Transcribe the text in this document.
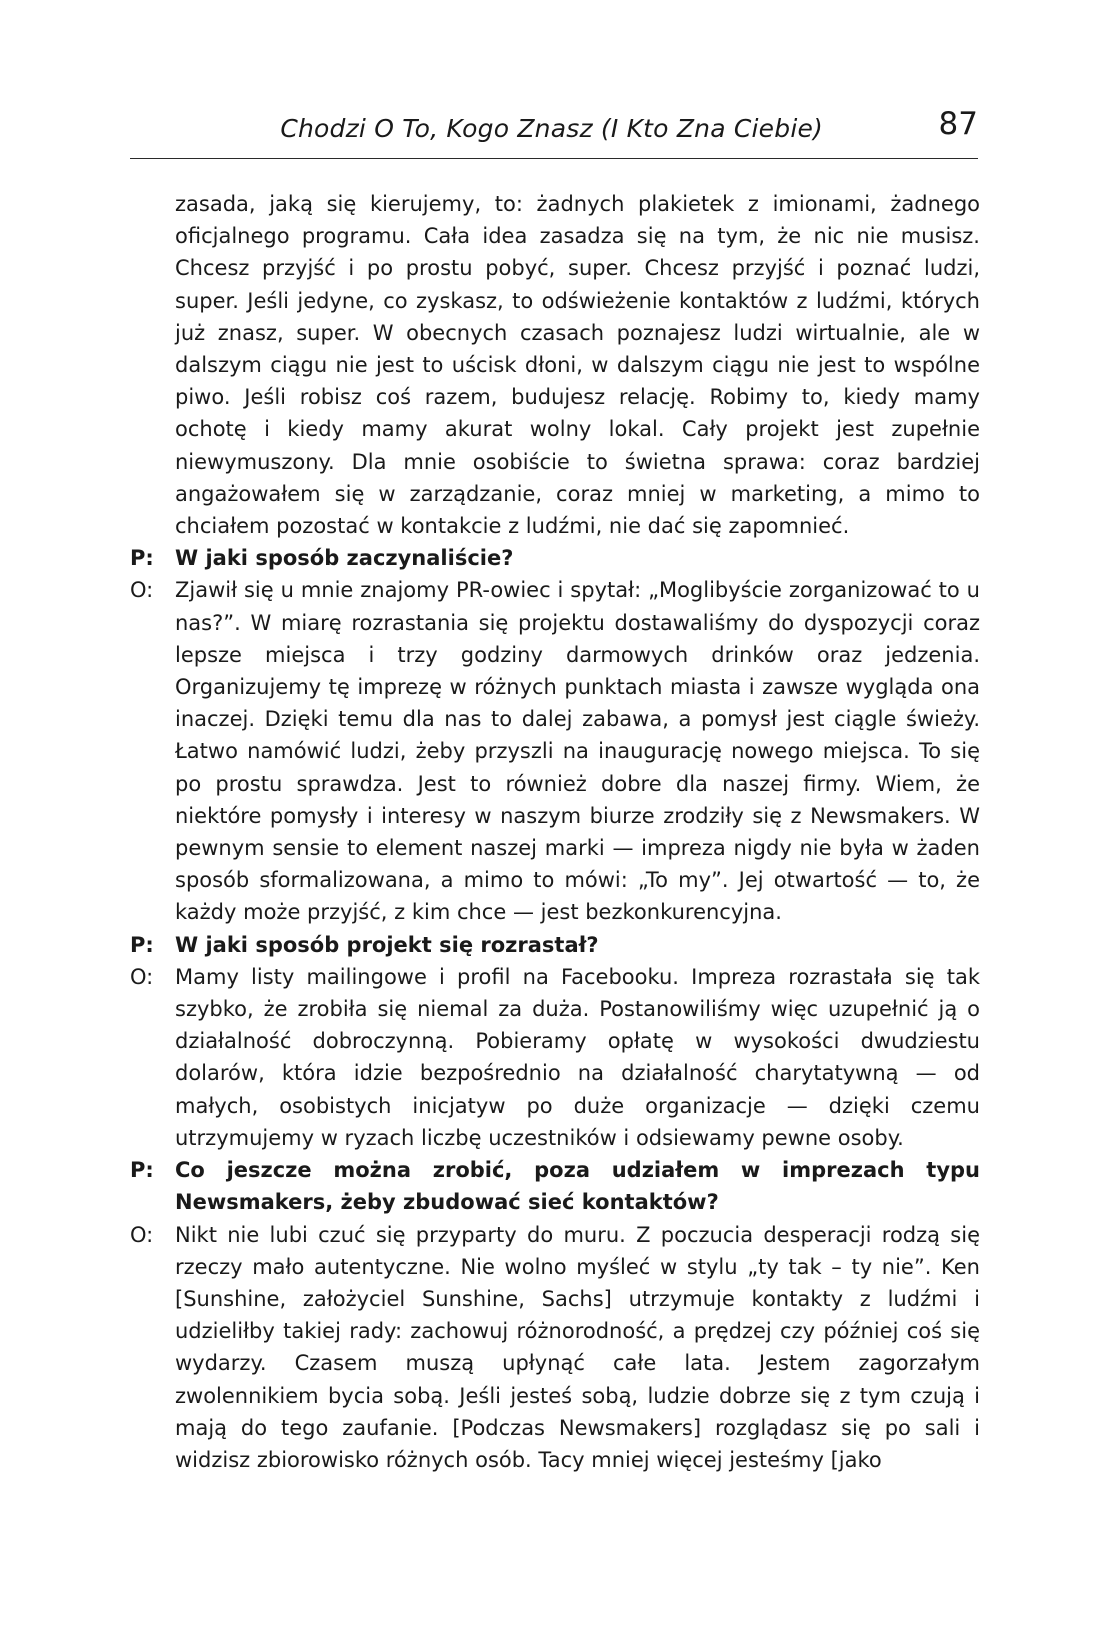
Chodzi O To, Kogo Znasz (I Kto Zna Ciebie)	87
zasada, jaką się kierujemy, to: żadnych plakietek z imionami, żadnego oficjalnego programu. Cała idea zasadza się na tym, że nic nie musisz. Chcesz przyjść i po prostu pobyć, super. Chcesz przyjść i poznać ludzi, super. Jeśli jedyne, co zyskasz, to odświeżenie kontaktów z ludźmi, których już znasz, super. W obecnych czasach poznajesz ludzi wirtualnie, ale w dalszym ciągu nie jest to uścisk dłoni, w dalszym ciągu nie jest to wspólne piwo. Jeśli robisz coś razem, budujesz relację. Robimy to, kiedy mamy ochotę i kiedy mamy akurat wolny lokal. Cały projekt jest zupełnie niewymuszony. Dla mnie osobiście to świetna sprawa: coraz bardziej angażowałem się w zarządzanie, coraz mniej w marketing, a mimo to chciałem pozostać w kontakcie z ludźmi, nie dać się zapomnieć.
P:	W jaki sposób zaczynaliście?
O:	Zjawił się u mnie znajomy PR-owiec i spytał: „Moglibyście zorganizować to u nas?”. W miarę rozrastania się projektu dostawaliśmy do dyspozycji coraz lepsze miejsca i trzy godziny darmowych drinków oraz jedzenia. Organizujemy tę imprezę w różnych punktach miasta i zawsze wygląda ona inaczej. Dzięki temu dla nas to dalej zabawa, a pomysł jest ciągle świeży. Łatwo namówić ludzi, żeby przyszli na inaugurację nowego miejsca. To się po prostu sprawdza. Jest to również dobre dla naszej firmy. Wiem, że niektóre pomysły i interesy w naszym biurze zrodziły się z Newsmakers. W pewnym sensie to element naszej marki — impreza nigdy nie była w żaden sposób sformalizowana, a mimo to mówi: „To my”. Jej otwartość — to, że każdy może przyjść, z kim chce — jest bezkonkurencyjna.
P:	W jaki sposób projekt się rozrastał?
O:	Mamy listy mailingowe i profil na Facebooku. Impreza rozrastała się tak szybko, że zrobiła się niemal za duża. Postanowiliśmy więc uzupełnić ją o działalność dobroczynną. Pobieramy opłatę w wysokości dwudziestu dolarów, która idzie bezpośrednio na działalność charytatywną — od małych, osobistych inicjatyw po duże organizacje — dzięki czemu utrzymujemy w ryzach liczbę uczestników i odsiewamy pewne osoby.
P:	Co jeszcze można zrobić, poza udziałem w imprezach typu Newsmakers, żeby zbudować sieć kontaktów?
O:	Nikt nie lubi czuć się przyparty do muru. Z poczucia desperacji rodzą się rzeczy mało autentyczne. Nie wolno myśleć w stylu „ty tak – ty nie”. Ken [Sunshine, założyciel Sunshine, Sachs] utrzymuje kontakty z ludźmi i udzieliłby takiej rady: zachowuj różnorodność, a prędzej czy później coś się wydarzy. Czasem muszą upłynąć całe lata. Jestem zagorzałym zwolennikiem bycia sobą. Jeśli jesteś sobą, ludzie dobrze się z tym czują i mają do tego zaufanie. [Podczas Newsmakers] rozglądasz się po sali i widzisz zbiorowisko różnych osób. Tacy mniej więcej jesteśmy [jako
